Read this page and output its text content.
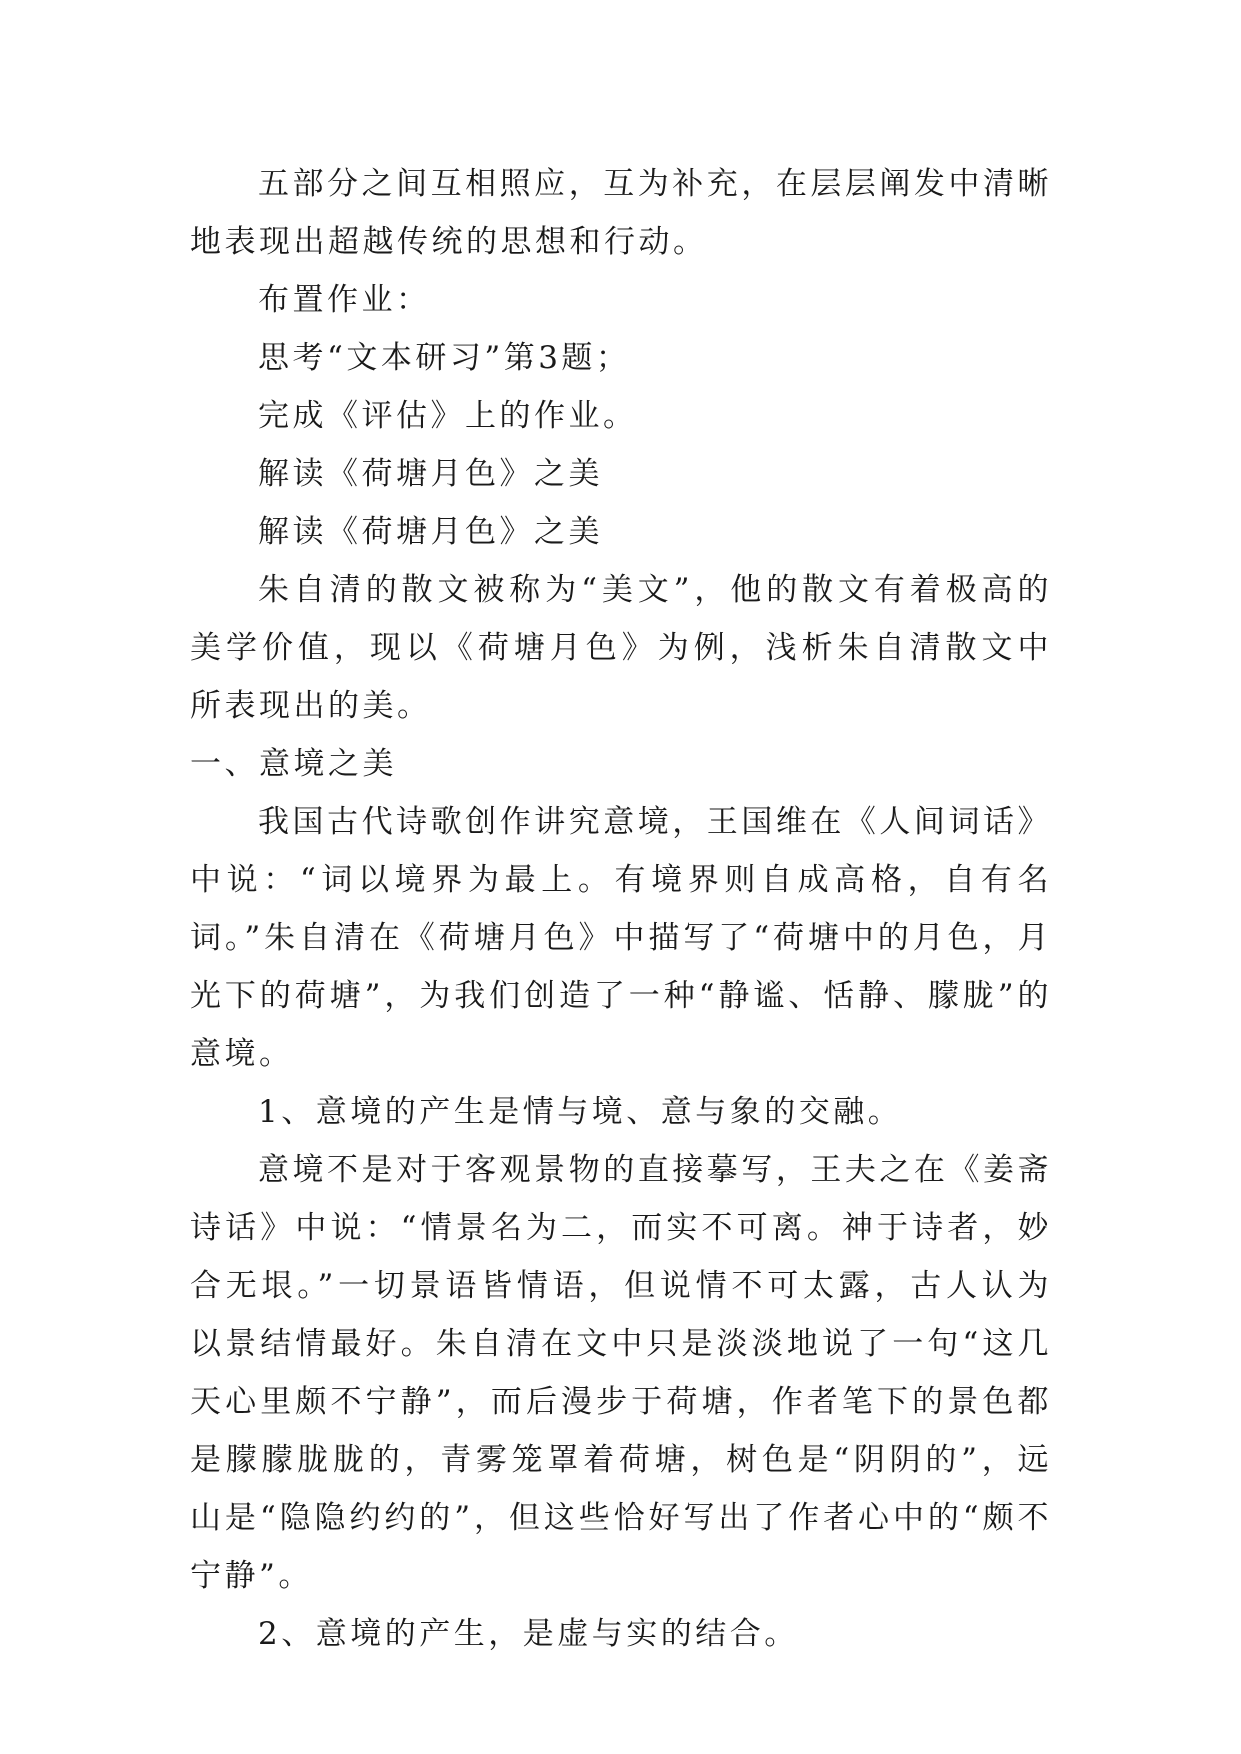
五部分之间互相照应，互为补充，在层层阐发中清晰地表现出超越传统的思想和行动。

布置作业：

思考“文本研习”第3题；

完成《评估》上的作业。

解读《荷塘月色》之美

解读《荷塘月色》之美

朱自清的散文被称为“美文”，他的散文有着极高的美学价值，现以《荷塘月色》为例，浅析朱自清散文中所表现出的美。

一、意境之美

我国古代诗歌创作讲究意境，王国维在《人间词话》中说：“词以境界为最上。有境界则自成高格，自有名词。”朱自清在《荷塘月色》中描写了“荷塘中的月色，月光下的荷塘”，为我们创造了一种“静谧、恬静、朦胧”的意境。

1、意境的产生是情与境、意与象的交融。

意境不是对于客观景物的直接摹写，王夫之在《姜斋诗话》中说：“情景名为二，而实不可离。神于诗者，妙合无垠。”一切景语皆情语，但说情不可太露，古人认为以景结情最好。朱自清在文中只是淡淡地说了一句“这几天心里颇不宁静”，而后漫步于荷塘，作者笔下的景色都是朦朦胧胧的，青雾笼罩着荷塘，树色是“阴阴的”，远山是“隐隐约约的”，但这些恰好写出了作者心中的“颇不宁静”。

2、意境的产生，是虚与实的结合。
